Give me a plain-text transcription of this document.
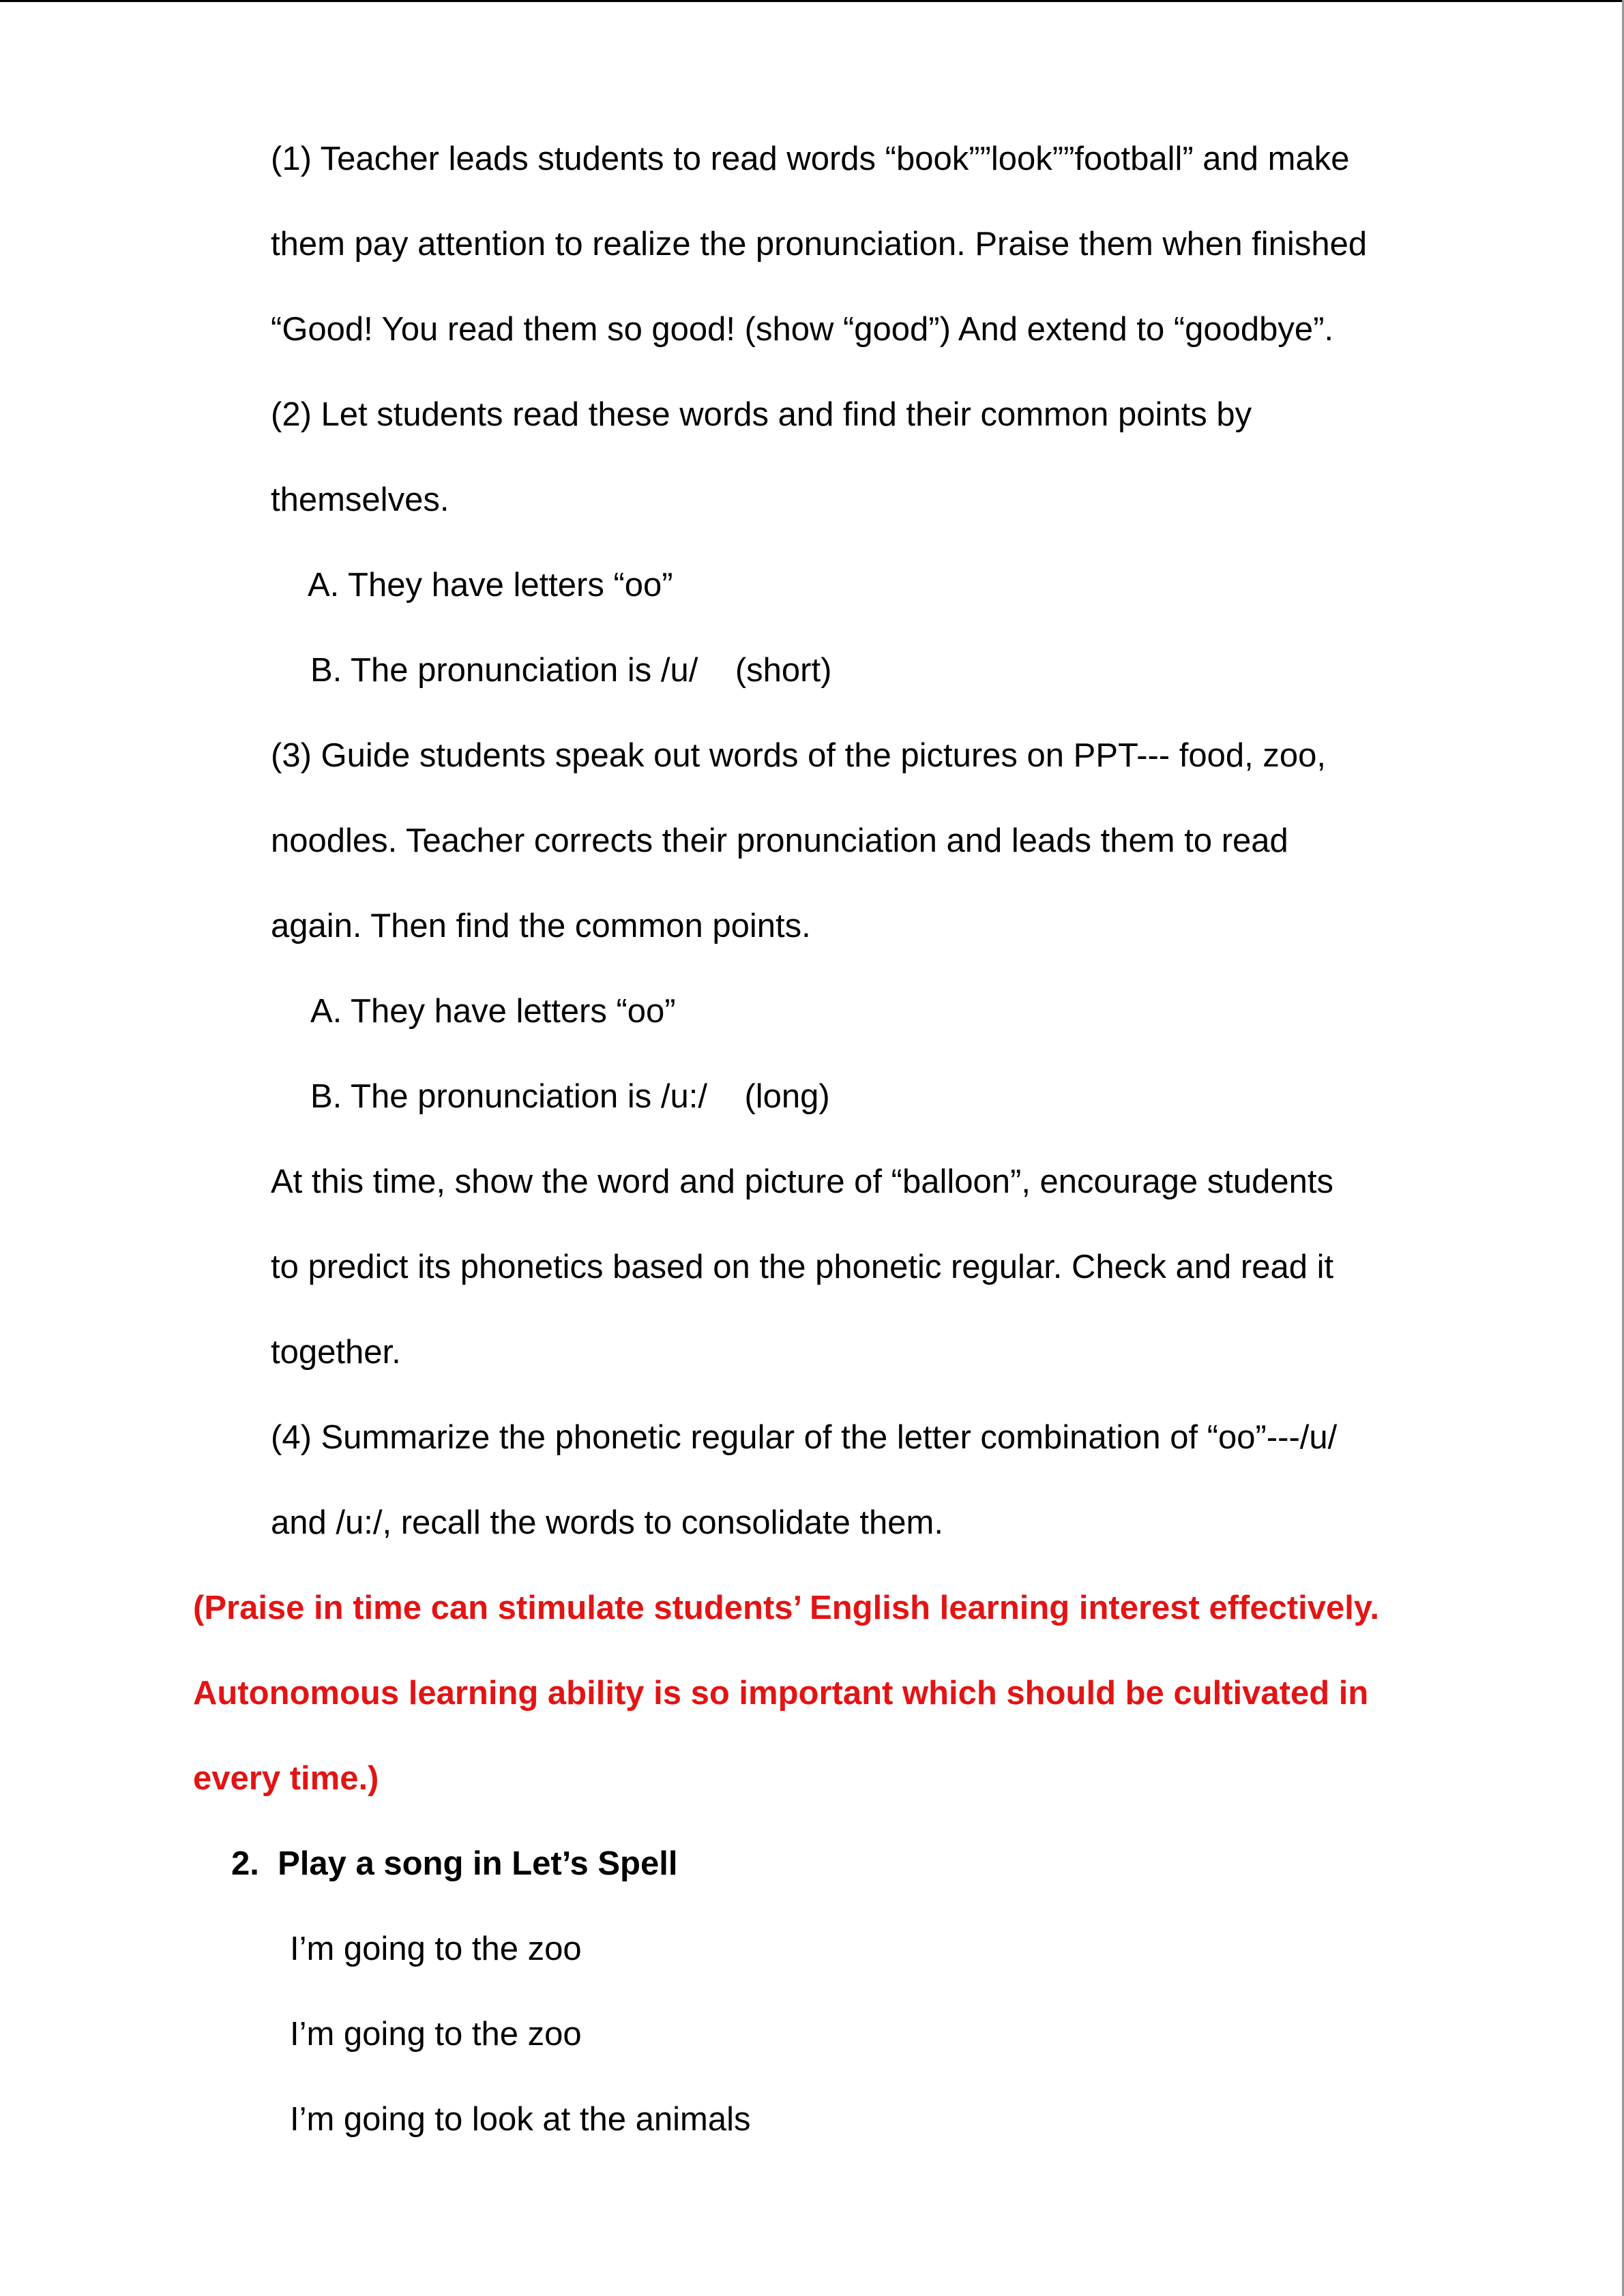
(1) Teacher leads students to read words “book””look””football” and make
them pay attention to realize the pronunciation. Praise them when finished
“Good! You read them so good! (show “good”) And extend to “goodbye”.
(2) Let students read these words and find their common points by
themselves.
A. They have letters “oo”
B. The pronunciation is /u/    (short)
(3) Guide students speak out words of the pictures on PPT--- food, zoo,
noodles. Teacher corrects their pronunciation and leads them to read
again. Then find the common points.
A. They have letters “oo”
B. The pronunciation is /u:/    (long)
At this time, show the word and picture of “balloon”, encourage students
to predict its phonetics based on the phonetic regular. Check and read it
together.
(4) Summarize the phonetic regular of the letter combination of “oo”---/u/
and /u:/, recall the words to consolidate them.
(Praise in time can stimulate students’ English learning interest effectively.
Autonomous learning ability is so important which should be cultivated in
every time.)
2.  Play a song in Let’s Spell
I’m going to the zoo
I’m going to the zoo
I’m going to look at the animals
